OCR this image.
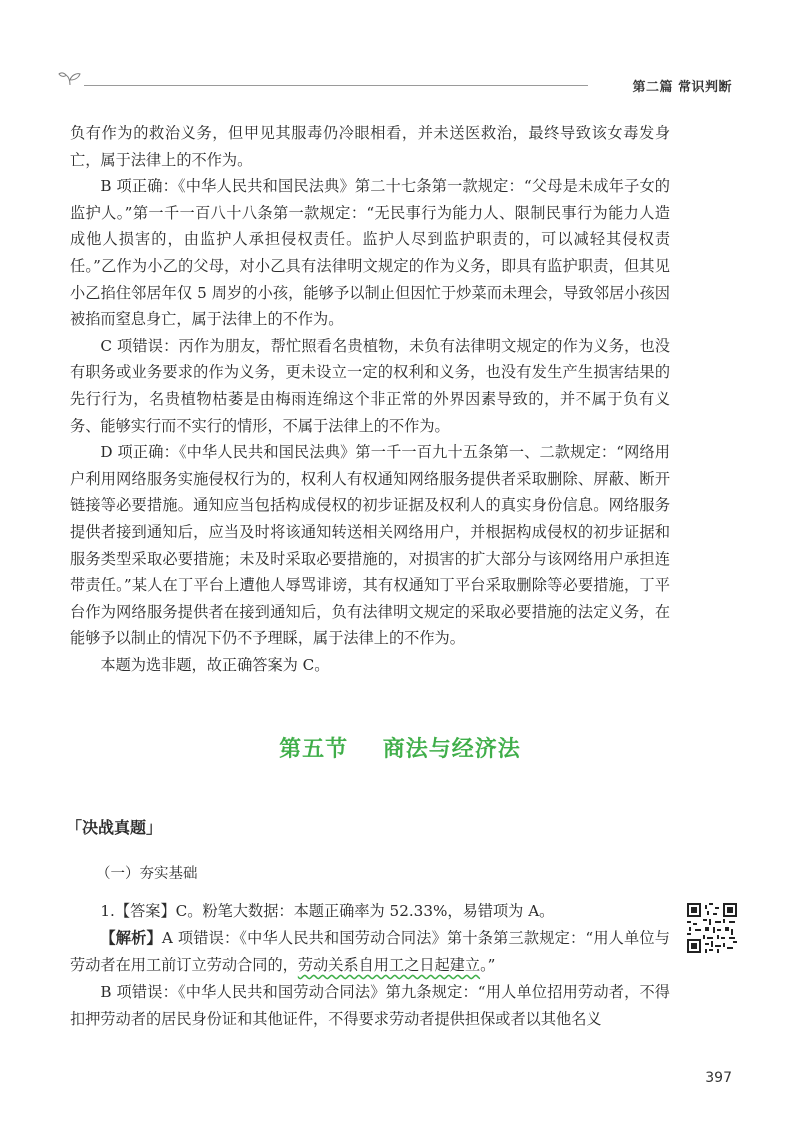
第二篇 常识判断

负有作为的救治义务，但甲见其服毒仍冷眼相看，并未送医救治，最终导致该女毒发身亡，属于法律上的不作为。

B 项正确：《中华人民共和国民法典》第二十七条第一款规定：“父母是未成年子女的监护人。”第一千一百八十八条第一款规定：“无民事行为能力人、限制民事行为能力人造成他人损害的，由监护人承担侵权责任。监护人尽到监护职责的，可以减轻其侵权责任。”乙作为小乙的父母，对小乙具有法律明文规定的作为义务，即具有监护职责，但其见小乙掐住邻居年仅 5 周岁的小孩，能够予以制止但因忙于炒菜而未理会，导致邻居小孩因被掐而窒息身亡，属于法律上的不作为。

C 项错误：丙作为朋友，帮忙照看名贵植物，未负有法律明文规定的作为义务，也没有职务或业务要求的作为义务，更未设立一定的权利和义务，也没有发生产生损害结果的先行行为，名贵植物枯萎是由梅雨连绵这个非正常的外界因素导致的，并不属于负有义务、能够实行而不实行的情形，不属于法律上的不作为。

D 项正确：《中华人民共和国民法典》第一千一百九十五条第一、二款规定：“网络用户利用网络服务实施侵权行为的，权利人有权通知网络服务提供者采取删除、屏蔽、断开链接等必要措施。通知应当包括构成侵权的初步证据及权利人的真实身份信息。网络服务提供者接到通知后，应当及时将该通知转送相关网络用户，并根据构成侵权的初步证据和服务类型采取必要措施；未及时采取必要措施的，对损害的扩大部分与该网络用户承担连带责任。”某人在丁平台上遭他人辱骂诽谤，其有权通知丁平台采取删除等必要措施，丁平台作为网络服务提供者在接到通知后，负有法律明文规定的采取必要措施的法定义务，在能够予以制止的情况下仍不予理睬，属于法律上的不作为。

本题为选非题，故正确答案为 C。

第五节    商法与经济法
「决战真题」
（一）夯实基础

1.【答案】C。粉笔大数据：本题正确率为 52.33%，易错项为 A。

【解析】A 项错误：《中华人民共和国劳动合同法》第十条第三款规定：“用人单位与劳动者在用工前订立劳动合同的，劳动关系自用工之日起建立。”

B 项错误：《中华人民共和国劳动合同法》第九条规定：“用人单位招用劳动者，不得扣押劳动者的居民身份证和其他证件，不得要求劳动者提供担保或者以其他名义

397
